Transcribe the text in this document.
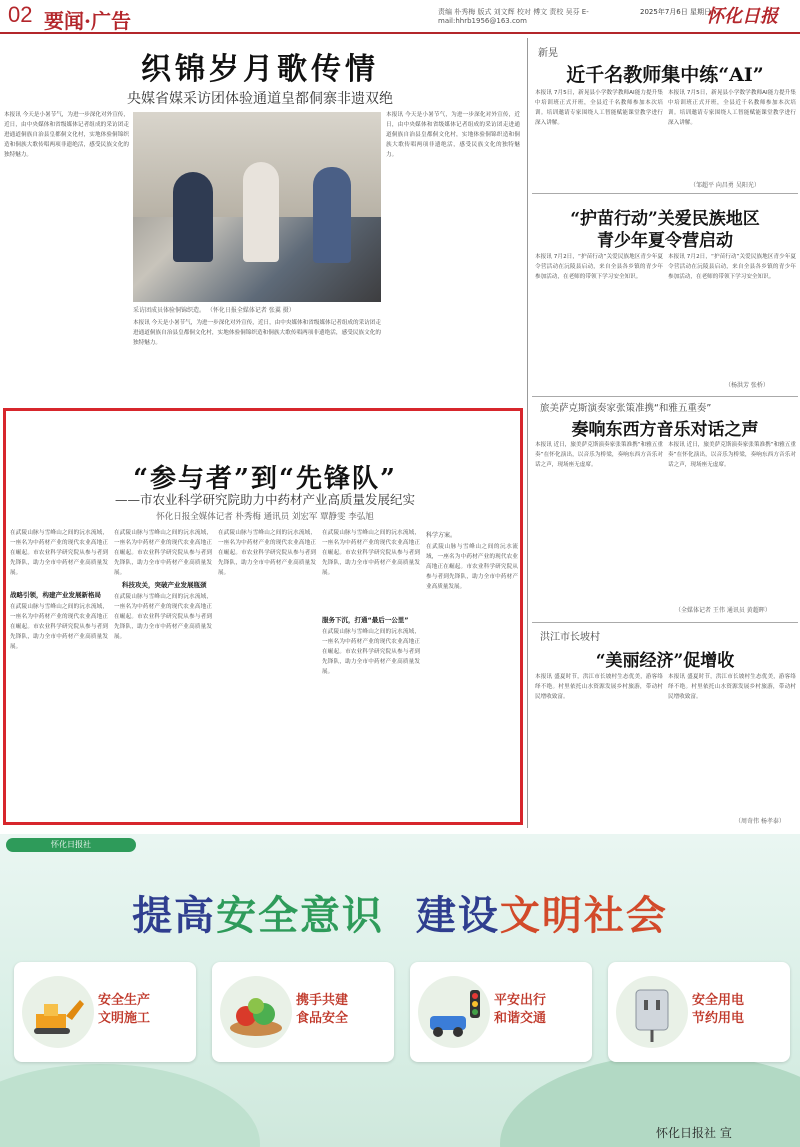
02 要闻·广告	责编 朴秀梅 版式 刘文辉 校对 傅文 责校 吴芬 E-mail:hhrb1956@163.com
2025年7月6日 星期日
怀化日报
织锦岁月歌传情
央媒省媒采访团体验通道皇都侗寨非遗双绝
本报讯 今天是小暑节气，为进一步深化对外宣传，近日，由中央媒体和省级媒体记者组成的采访团走进通道侗族自治县皇都侗文化村，实地体验侗锦织造和侗族大歌传唱两项非遗绝活，感受民族文化的独特魅力。
采访团成员体验侗锦织造。 （怀化日报全媒体记者 张翼 摄）
本报讯 今天是小暑节气，为进一步深化对外宣传，近日，由中央媒体和省级媒体记者组成的采访团走进通道侗族自治县皇都侗文化村，实地体验侗锦织造和侗族大歌传唱两项非遗绝活，感受民族文化的独特魅力。
本报讯 今天是小暑节气，为进一步深化对外宣传，近日，由中央媒体和省级媒体记者组成的采访团走进通道侗族自治县皇都侗文化村，实地体验侗锦织造和侗族大歌传唱两项非遗绝活，感受民族文化的独特魅力。
新晃
近千名教师集中练“AI”
本报讯 7月5日，新晃县小学数学教师AI能力提升集中培训班正式开班，全县近千名教师参加本次培训。培训邀请专家围绕人工智能赋能课堂教学进行深入讲解。
本报讯 7月5日，新晃县小学数学教师AI能力提升集中培训班正式开班，全县近千名教师参加本次培训。培训邀请专家围绕人工智能赋能课堂教学进行深入讲解。
（邹超平 向昌勇 吴阳光）
“护苗行动”关爱民族地区
青少年夏令营启动
本报讯 7月2日，“护苗行动”关爱民族地区青少年夏令营活动在沅陵县启动，来自全县各乡镇的青少年参加活动，在老师的带领下学习安全知识。
本报讯 7月2日，“护苗行动”关爱民族地区青少年夏令营活动在沅陵县启动，来自全县各乡镇的青少年参加活动，在老师的带领下学习安全知识。
（杨洪芳 张桥）
旅美萨克斯演奏家张策准携“和雅五重奏”
奏响东西方音乐对话之声
本报讯 近日，旅美萨克斯演奏家张策准携“和雅五重奏”在怀化演出，以音乐为桥梁，奏响东西方音乐对话之声，现场座无虚席。
本报讯 近日，旅美萨克斯演奏家张策准携“和雅五重奏”在怀化演出，以音乐为桥梁，奏响东西方音乐对话之声，现场座无虚席。
（全媒体记者 王伟 通讯员 黄超晖）
洪江市长坡村
“美丽经济”促增收
本报讯 盛夏时节，洪江市长坡村生态优美，游客络绎不绝。村里依托山水资源发展乡村旅游，带动村民增收致富。
本报讯 盛夏时节，洪江市长坡村生态优美，游客络绎不绝。村里依托山水资源发展乡村旅游，带动村民增收致富。
（周奇伟 杨孝泰）
“参与者”到“先锋队”
——市农业科学研究院助力中药材产业高质量发展纪实
怀化日报全媒体记者 朴秀梅 通讯员 刘宏军 覃静雯 李弘旭
在武陵山脉与雪峰山之间的沅水流域，一座名为中药材产业的现代农业高地正在崛起。市农业科学研究院从参与者到先锋队，助力全市中药材产业高质量发展。
战略引领，构建产业发展新格局
在武陵山脉与雪峰山之间的沅水流域，一座名为中药材产业的现代农业高地正在崛起。市农业科学研究院从参与者到先锋队，助力全市中药材产业高质量发展。
在武陵山脉与雪峰山之间的沅水流域，一座名为中药材产业的现代农业高地正在崛起。市农业科学研究院从参与者到先锋队，助力全市中药材产业高质量发展。
科技攻关，突破产业发展瓶颈
在武陵山脉与雪峰山之间的沅水流域，一座名为中药材产业的现代农业高地正在崛起。市农业科学研究院从参与者到先锋队，助力全市中药材产业高质量发展。
在武陵山脉与雪峰山之间的沅水流域，一座名为中药材产业的现代农业高地正在崛起。市农业科学研究院从参与者到先锋队，助力全市中药材产业高质量发展。
在武陵山脉与雪峰山之间的沅水流域，一座名为中药材产业的现代农业高地正在崛起。市农业科学研究院从参与者到先锋队，助力全市中药材产业高质量发展。
服务下沉，打通“最后一公里”
在武陵山脉与雪峰山之间的沅水流域，一座名为中药材产业的现代农业高地正在崛起。市农业科学研究院从参与者到先锋队，助力全市中药材产业高质量发展。
科学方案。
在武陵山脉与雪峰山之间的沅水流域，一座名为中药材产业的现代农业高地正在崛起。市农业科学研究院从参与者到先锋队，助力全市中药材产业高质量发展。
怀化日报社
提高安全意识 建设文明社会
安全生产
文明施工
携手共建
食品安全
平安出行
和谐交通
安全用电
节约用电
怀化日报社 宣
